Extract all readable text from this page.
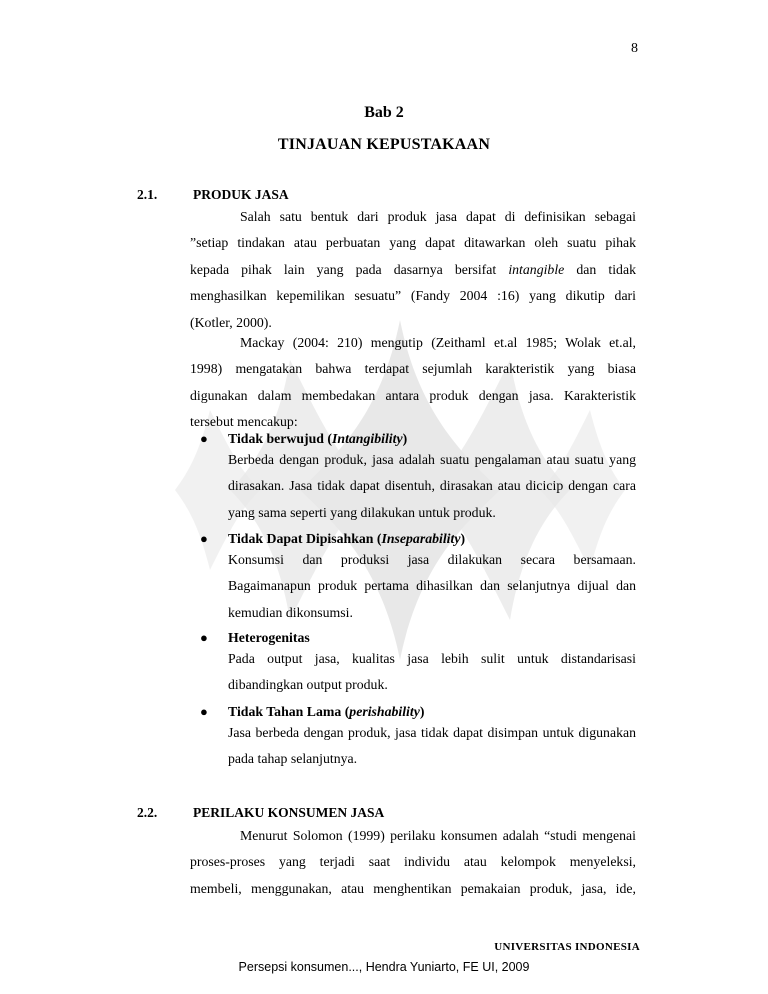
8
Bab 2
TINJAUAN KEPUSTAKAAN
2.1.	PRODUK JASA
Salah satu bentuk dari produk jasa dapat di definisikan sebagai
”setiap tindakan atau perbuatan yang dapat ditawarkan oleh suatu pihak
kepada pihak lain yang pada dasarnya bersifat intangible dan tidak
menghasilkan kepemilikan sesuatu” (Fandy 2004 :16) yang dikutip dari
(Kotler, 2000).
Mackay (2004: 210) mengutip (Zeithaml et.al 1985; Wolak et.al,
1998) mengatakan bahwa terdapat sejumlah karakteristik yang biasa
digunakan dalam membedakan antara produk dengan jasa. Karakteristik
tersebut mencakup:
● Tidak berwujud (Intangibility)
Berbeda dengan produk, jasa adalah suatu pengalaman atau suatu yang
dirasakan. Jasa tidak dapat disentuh, dirasakan atau dicicip dengan cara
yang sama seperti yang dilakukan untuk produk.
● Tidak Dapat Dipisahkan (Inseparability)
Konsumsi dan produksi jasa dilakukan secara bersamaan.
Bagaimanapun produk pertama dihasilkan dan selanjutnya dijual dan
kemudian dikonsumsi.
● Heterogenitas
Pada output jasa, kualitas jasa lebih sulit untuk distandarisasi
dibandingkan output produk.
● Tidak Tahan Lama (perishability)
Jasa berbeda dengan produk, jasa tidak dapat disimpan untuk digunakan
pada tahap selanjutnya.
2.2.	PERILAKU KONSUMEN JASA
Menurut Solomon (1999) perilaku konsumen adalah “studi mengenai
proses-proses yang terjadi saat individu atau kelompok menyeleksi,
membeli, menggunakan, atau menghentikan pemakaian produk, jasa, ide,
UNIVERSITAS INDONESIA
Persepsi konsumen..., Hendra Yuniarto, FE UI, 2009
